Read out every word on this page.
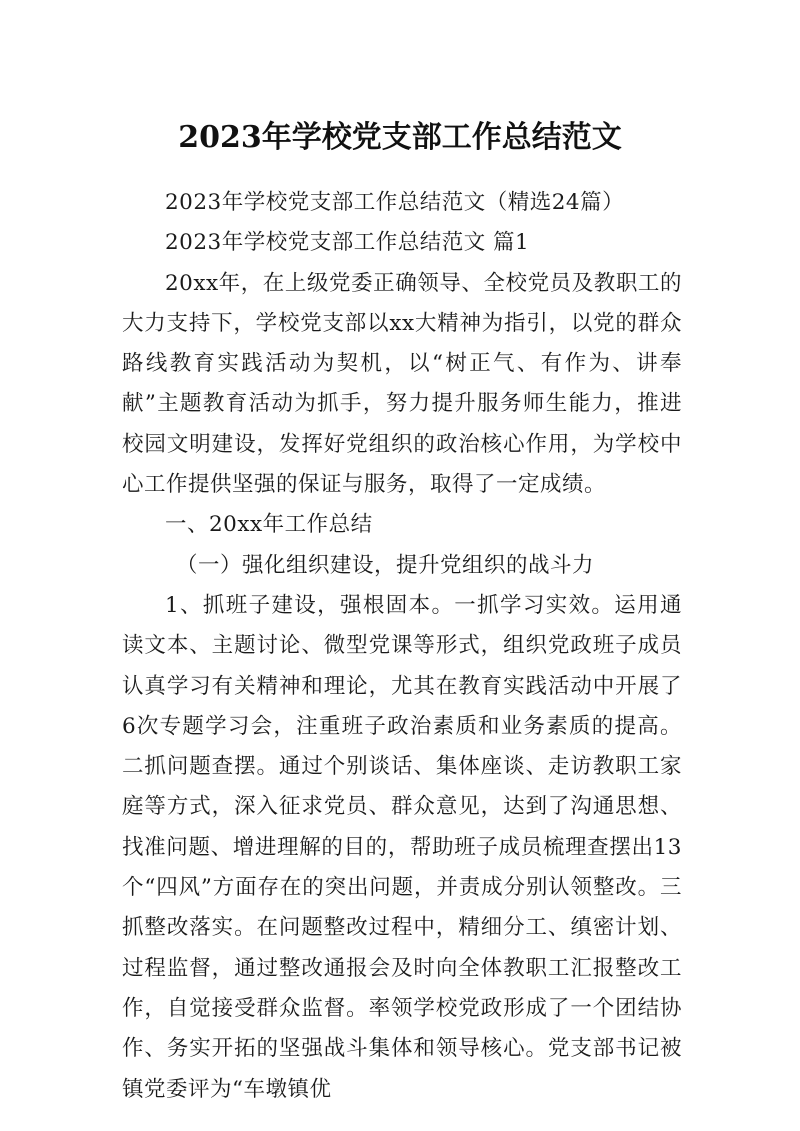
2023年学校党支部工作总结范文

2023年学校党支部工作总结范文（精选24篇）

2023年学校党支部工作总结范文 篇1

20xx年，在上级党委正确领导、全校党员及教职工的大力支持下，学校党支部以xx大精神为指引，以党的群众路线教育实践活动为契机，以“树正气、有作为、讲奉献”主题教育活动为抓手，努力提升服务师生能力，推进校园文明建设，发挥好党组织的政治核心作用，为学校中心工作提供坚强的保证与服务，取得了一定成绩。

一、20xx年工作总结

（一）强化组织建设，提升党组织的战斗力

1、抓班子建设，强根固本。一抓学习实效。运用通读文本、主题讨论、微型党课等形式，组织党政班子成员认真学习有关精神和理论，尤其在教育实践活动中开展了6次专题学习会，注重班子政治素质和业务素质的提高。二抓问题查摆。通过个别谈话、集体座谈、走访教职工家庭等方式，深入征求党员、群众意见，达到了沟通思想、找准问题、增进理解的目的，帮助班子成员梳理查摆出13个“四风”方面存在的突出问题，并责成分别认领整改。三抓整改落实。在问题整改过程中，精细分工、缜密计划、过程监督，通过整改通报会及时向全体教职工汇报整改工作，自觉接受群众监督。率领学校党政形成了一个团结协作、务实开拓的坚强战斗集体和领导核心。党支部书记被镇党委评为“车墩镇优
